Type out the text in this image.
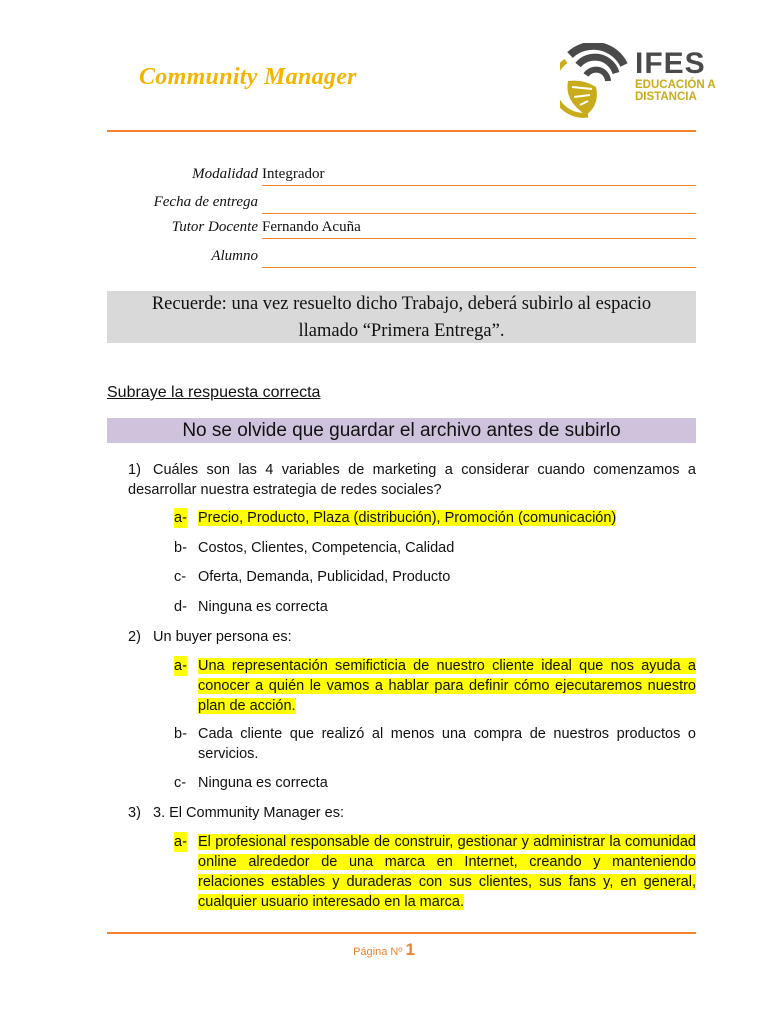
Community Manager	IFES
EDUCACIÓN A
DISTANCIA
Modalidad Integrador
Fecha de entrega
Tutor Docente Fernando Acuña
Alumno
Recuerde: una vez resuelto dicho Trabajo, deberá subirlo al espacio
llamado “Primera Entrega”.
Subraye la respuesta correcta
No se olvide que guardar el archivo antes de subirlo
1) Cuáles son las 4 variables de marketing a considerar cuando comenzamos a desarrollar nuestra estrategia de redes sociales?
a- Precio, Producto, Plaza (distribución), Promoción (comunicación)
b- Costos, Clientes, Competencia, Calidad
c- Oferta, Demanda, Publicidad, Producto
d- Ninguna es correcta
2) Un buyer persona es:
a- Una representación semificticia de nuestro cliente ideal que nos ayuda a conocer a quién le vamos a hablar para definir cómo ejecutaremos nuestro plan de acción.
b- Cada cliente que realizó al menos una compra de nuestros productos o servicios.
c- Ninguna es correcta
3) 3. El Community Manager es:
a- El profesional responsable de construir, gestionar y administrar la comunidad online alrededor de una marca en Internet, creando y manteniendo relaciones estables y duraderas con sus clientes, sus fans y, en general, cualquier usuario interesado en la marca.
Página Nº 1
